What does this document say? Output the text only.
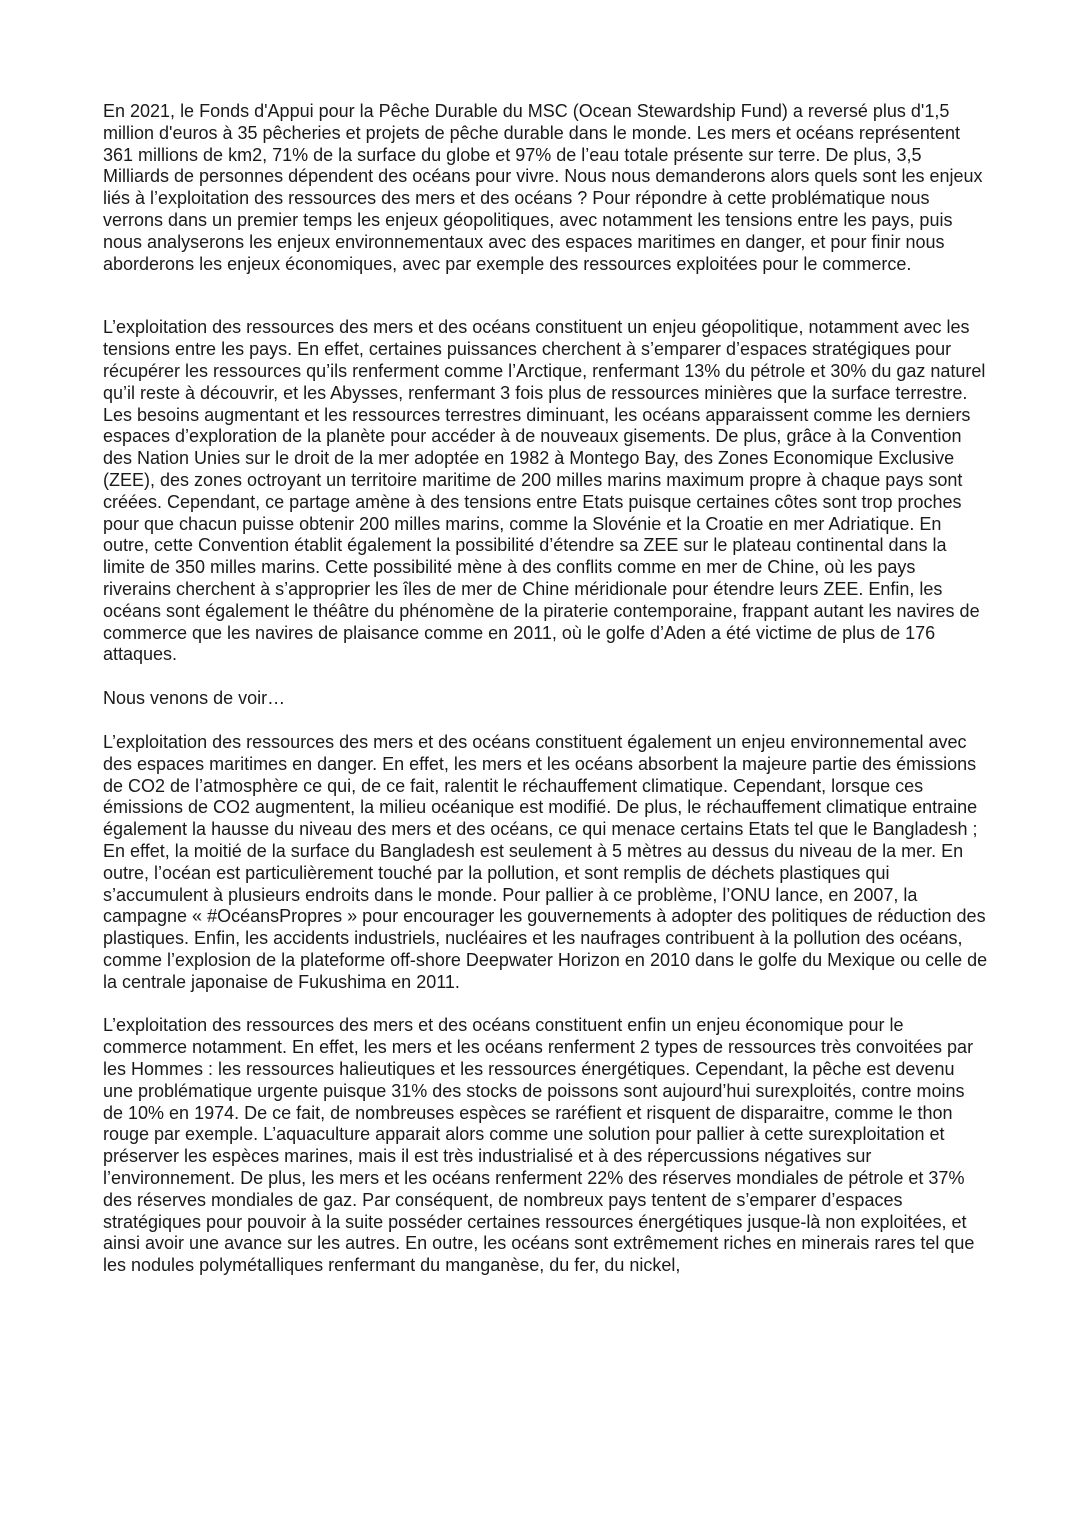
En 2021, le Fonds d'Appui pour la Pêche Durable du MSC (Ocean Stewardship Fund) a reversé plus d'1,5 million d'euros à 35 pêcheries et projets de pêche durable dans le monde. Les mers et océans représentent 361 millions de km2, 71% de la surface du globe et 97% de l’eau totale présente sur terre. De plus, 3,5 Milliards de personnes dépendent des océans pour vivre. Nous nous demanderons alors quels sont les enjeux liés à l’exploitation des ressources des mers et des océans ? Pour répondre à cette problématique nous verrons dans un premier temps les enjeux géopolitiques, avec notamment les tensions entre les pays, puis nous analyserons les enjeux environnementaux avec des espaces maritimes en danger, et pour finir nous aborderons les enjeux économiques, avec par exemple des ressources exploitées pour le commerce.

L’exploitation des ressources des mers et des océans constituent un enjeu géopolitique, notamment avec les tensions entre les pays. En effet, certaines puissances cherchent à s’emparer d’espaces stratégiques pour récupérer les ressources qu’ils renferment comme l’Arctique, renfermant 13% du pétrole et 30% du gaz naturel qu’il reste à découvrir, et les Abysses, renfermant 3 fois plus de ressources minières que la surface terrestre. Les besoins augmentant et les ressources terrestres diminuant, les océans apparaissent comme les derniers espaces d’exploration de la planète pour accéder à de nouveaux gisements. De plus, grâce à la Convention des Nation Unies sur le droit de la mer adoptée en 1982 à Montego Bay, des Zones Economique Exclusive (ZEE), des zones octroyant un territoire maritime de 200 milles marins maximum propre à chaque pays sont créées. Cependant, ce partage amène à des tensions entre Etats puisque certaines côtes sont trop proches pour que chacun puisse obtenir 200 milles marins, comme la Slovénie et la Croatie en mer Adriatique. En outre, cette Convention établit également la possibilité d’étendre sa ZEE sur le plateau continental dans la limite de 350 milles marins. Cette possibilité mène à des conflits comme en mer de Chine, où les pays riverains cherchent à s’approprier les îles de mer de Chine méridionale pour étendre leurs ZEE. Enfin, les océans sont également le théâtre du phénomène de la piraterie contemporaine, frappant autant les navires de commerce que les navires de plaisance comme en 2011, où le golfe d’Aden a été victime de plus de 176 attaques.

Nous venons de voir…

L’exploitation des ressources des mers et des océans constituent également un enjeu environnemental avec des espaces maritimes en danger. En effet, les mers et les océans absorbent la majeure partie des émissions de CO2 de l’atmosphère ce qui, de ce fait, ralentit le réchauffement climatique. Cependant, lorsque ces émissions de CO2 augmentent, la milieu océanique est modifié. De plus, le réchauffement climatique entraine également la hausse du niveau des mers et des océans, ce qui menace certains Etats tel que le Bangladesh ; En effet, la moitié de la surface du Bangladesh est seulement à 5 mètres au dessus du niveau de la mer. En outre, l’océan est particulièrement touché par la pollution, et sont remplis de déchets plastiques qui s’accumulent à plusieurs endroits dans le monde. Pour pallier à ce problème, l’ONU lance, en 2007, la campagne « #OcéansPropres » pour encourager les gouvernements à adopter des politiques de réduction des plastiques. Enfin, les accidents industriels, nucléaires et les naufrages contribuent à la pollution des océans, comme l’explosion de la plateforme off-shore Deepwater Horizon en 2010 dans le golfe du Mexique ou celle de la centrale japonaise de Fukushima en 2011.

L’exploitation des ressources des mers et des océans constituent enfin un enjeu économique pour le commerce notamment. En effet, les mers et les océans renferment 2 types de ressources très convoitées par les Hommes : les ressources halieutiques et les ressources énergétiques. Cependant, la pêche est devenu une problématique urgente puisque 31% des stocks de poissons sont aujourd’hui surexploités, contre moins de 10% en 1974. De ce fait, de nombreuses espèces se raréfient et risquent de disparaitre, comme le thon rouge par exemple. L’aquaculture apparait alors comme une solution pour pallier à cette surexploitation et préserver les espèces marines, mais il est très industrialisé et à des répercussions négatives sur l’environnement. De plus, les mers et les océans renferment 22% des réserves mondiales de pétrole et 37% des réserves mondiales de gaz. Par conséquent, de nombreux pays tentent de s’emparer d’espaces stratégiques pour pouvoir à la suite posséder certaines ressources énergétiques jusque-là non exploitées, et ainsi avoir une avance sur les autres. En outre, les océans sont extrêmement riches en minerais rares tel que les nodules polymétalliques renfermant du manganèse, du fer, du nickel,
